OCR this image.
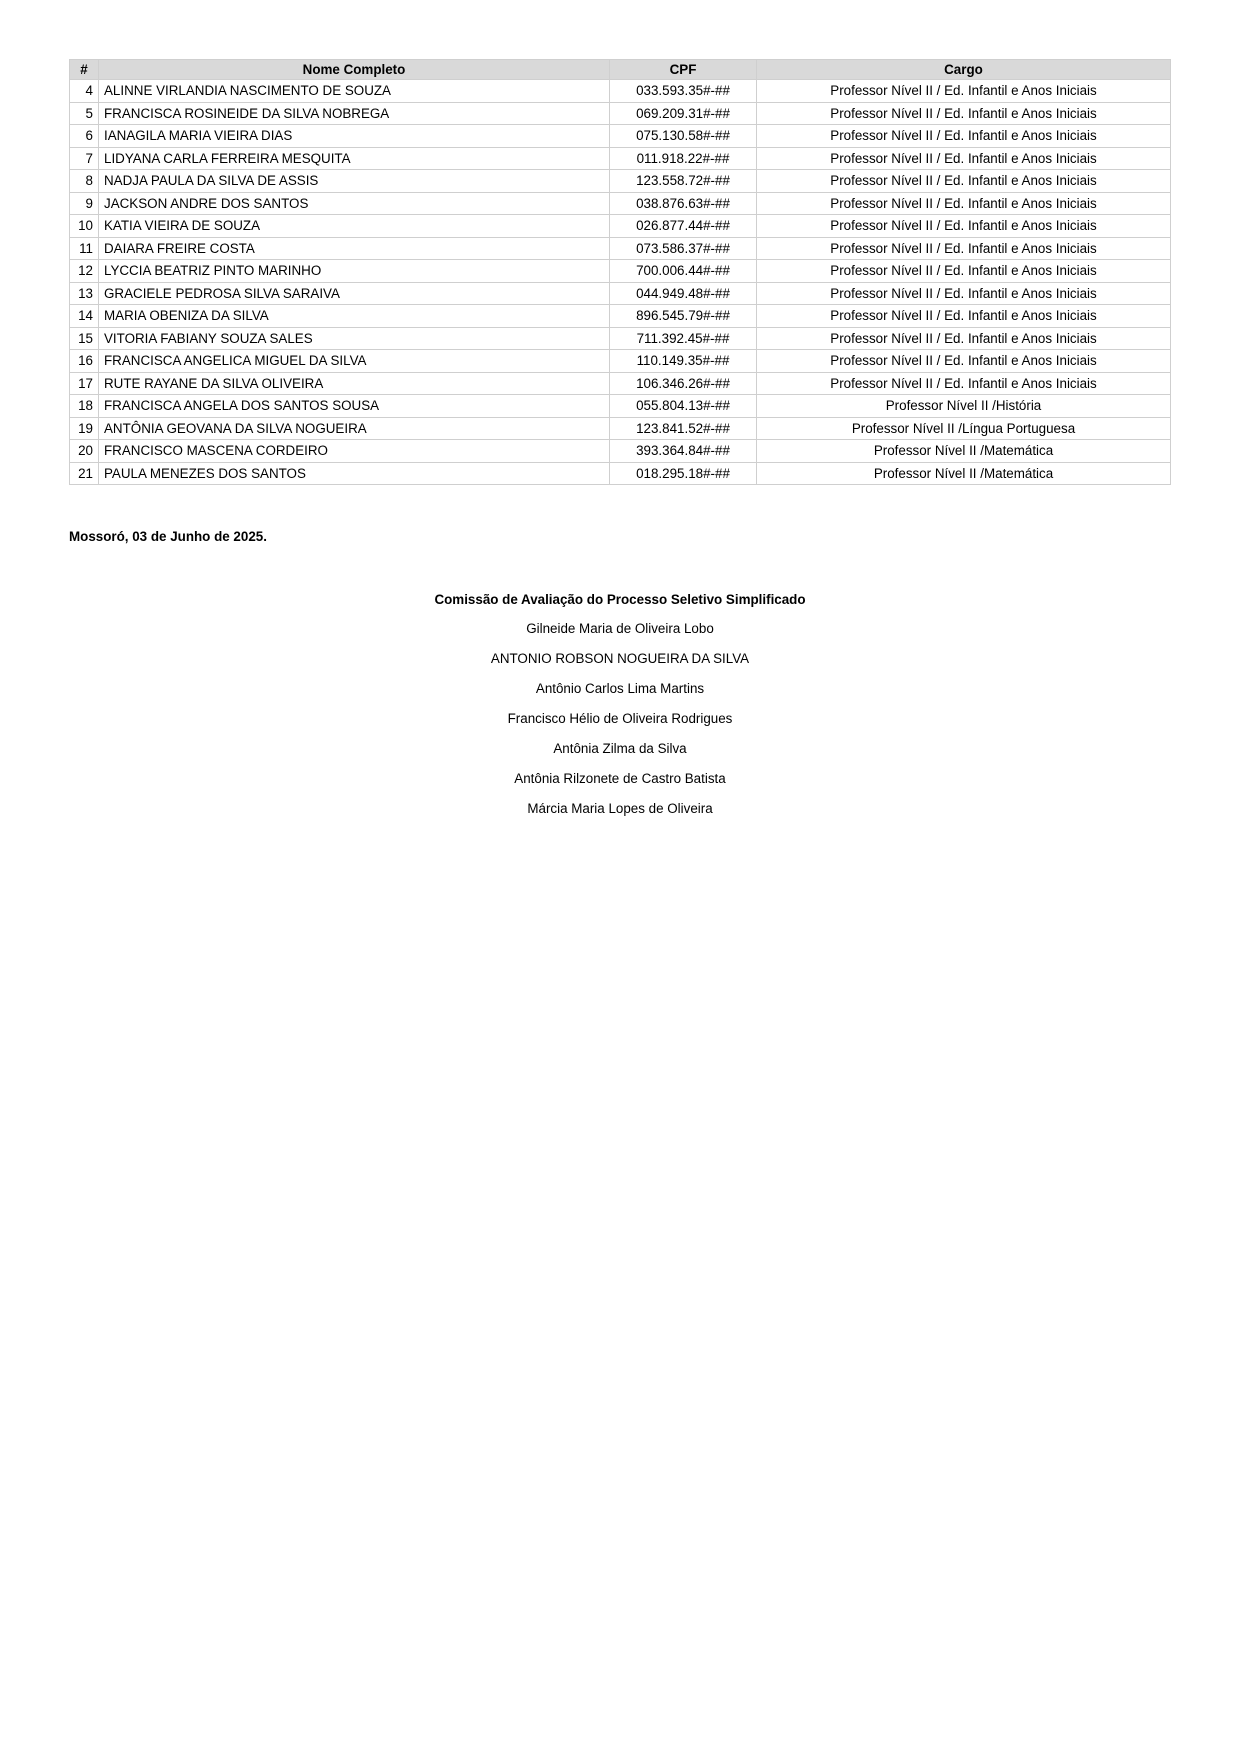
#	Nome Completo	CPF	Cargo
4	ALINNE VIRLANDIA NASCIMENTO DE SOUZA	033.593.35#-##	Professor Nível II / Ed. Infantil e Anos Iniciais
5	FRANCISCA ROSINEIDE DA SILVA NOBREGA	069.209.31#-##	Professor Nível II / Ed. Infantil e Anos Iniciais
6	IANAGILA MARIA VIEIRA DIAS	075.130.58#-##	Professor Nível II / Ed. Infantil e Anos Iniciais
7	LIDYANA CARLA FERREIRA MESQUITA	011.918.22#-##	Professor Nível II / Ed. Infantil e Anos Iniciais
8	NADJA PAULA DA SILVA DE ASSIS	123.558.72#-##	Professor Nível II / Ed. Infantil e Anos Iniciais
9	JACKSON ANDRE DOS SANTOS	038.876.63#-##	Professor Nível II / Ed. Infantil e Anos Iniciais
10	KATIA VIEIRA DE SOUZA	026.877.44#-##	Professor Nível II / Ed. Infantil e Anos Iniciais
11	DAIARA FREIRE COSTA	073.586.37#-##	Professor Nível II / Ed. Infantil e Anos Iniciais
12	LYCCIA BEATRIZ PINTO MARINHO	700.006.44#-##	Professor Nível II / Ed. Infantil e Anos Iniciais
13	GRACIELE PEDROSA SILVA SARAIVA	044.949.48#-##	Professor Nível II / Ed. Infantil e Anos Iniciais
14	MARIA OBENIZA DA SILVA	896.545.79#-##	Professor Nível II / Ed. Infantil e Anos Iniciais
15	VITORIA FABIANY SOUZA SALES	711.392.45#-##	Professor Nível II / Ed. Infantil e Anos Iniciais
16	FRANCISCA ANGELICA MIGUEL DA SILVA	110.149.35#-##	Professor Nível II / Ed. Infantil e Anos Iniciais
17	RUTE RAYANE DA SILVA OLIVEIRA	106.346.26#-##	Professor Nível II / Ed. Infantil e Anos Iniciais
18	FRANCISCA ANGELA DOS SANTOS SOUSA	055.804.13#-##	Professor Nível II /História
19	ANTÔNIA GEOVANA DA SILVA NOGUEIRA	123.841.52#-##	Professor Nível II /Língua Portuguesa
20	FRANCISCO MASCENA CORDEIRO	393.364.84#-##	Professor Nível II /Matemática
21	PAULA MENEZES DOS SANTOS	018.295.18#-##	Professor Nível II /Matemática
Mossoró, 03 de Junho de 2025.
Comissão de Avaliação do Processo Seletivo Simplificado
Gilneide Maria de Oliveira Lobo
ANTONIO ROBSON NOGUEIRA DA SILVA
Antônio Carlos Lima Martins
Francisco Hélio de Oliveira Rodrigues
Antônia Zilma da Silva
Antônia Rilzonete de Castro Batista
Márcia Maria Lopes de Oliveira
